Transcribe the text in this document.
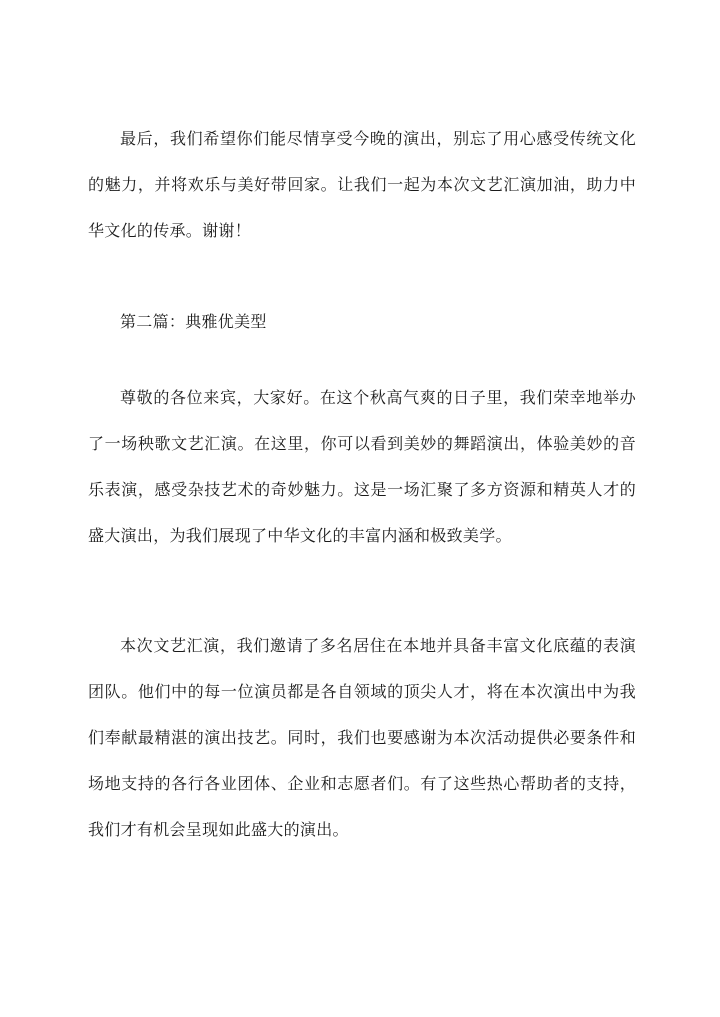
最后，我们希望你们能尽情享受今晚的演出，别忘了用心感受传统文化的魅力，并将欢乐与美好带回家。让我们一起为本次文艺汇演加油，助力中华文化的传承。谢谢！

第二篇：典雅优美型

尊敬的各位来宾，大家好。在这个秋高气爽的日子里，我们荣幸地举办了一场秧歌文艺汇演。在这里，你可以看到美妙的舞蹈演出，体验美妙的音乐表演，感受杂技艺术的奇妙魅力。这是一场汇聚了多方资源和精英人才的盛大演出，为我们展现了中华文化的丰富内涵和极致美学。

本次文艺汇演，我们邀请了多名居住在本地并具备丰富文化底蕴的表演团队。他们中的每一位演员都是各自领域的顶尖人才，将在本次演出中为我们奉献最精湛的演出技艺。同时，我们也要感谢为本次活动提供必要条件和场地支持的各行各业团体、企业和志愿者们。有了这些热心帮助者的支持，我们才有机会呈现如此盛大的演出。
